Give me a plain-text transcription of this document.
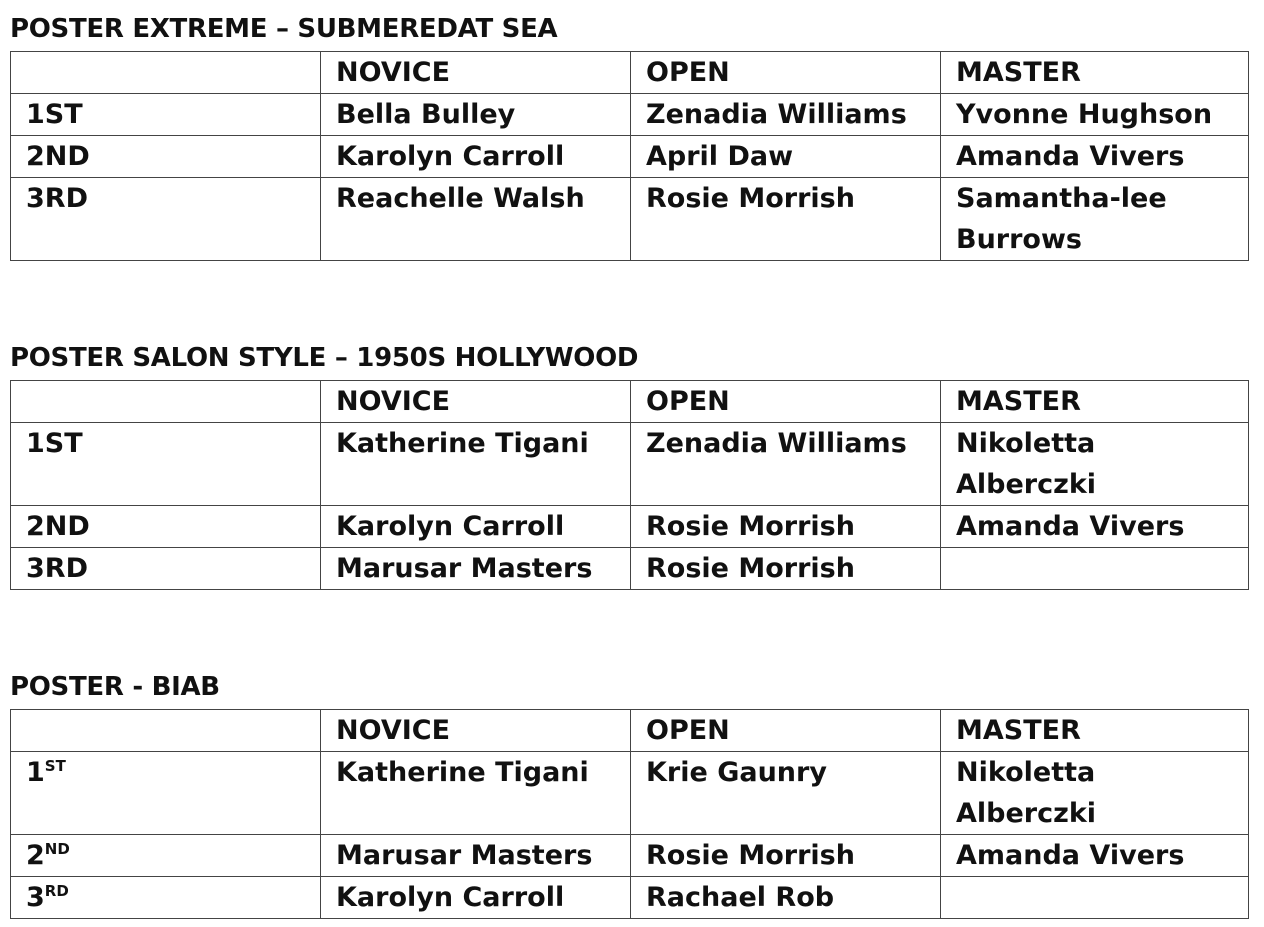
POSTER EXTREME – SUBMEREDAT SEA
	NOVICE	OPEN	MASTER
1ST	Bella Bulley	Zenadia Williams	Yvonne Hughson
2ND	Karolyn Carroll	April Daw	Amanda Vivers
3RD	Reachelle Walsh	Rosie Morrish	Samantha-lee Burrows
POSTER SALON STYLE – 1950S HOLLYWOOD
	NOVICE	OPEN	MASTER
1ST	Katherine Tigani	Zenadia Williams	Nikoletta Alberczki
2ND	Karolyn Carroll	Rosie Morrish	Amanda Vivers
3RD	Marusar Masters	Rosie Morrish	
POSTER - BIAB
	NOVICE	OPEN	MASTER
1ST	Katherine Tigani	Krie Gaunry	Nikoletta Alberczki
2ND	Marusar Masters	Rosie Morrish	Amanda Vivers
3RD	Karolyn Carroll	Rachael Rob	
